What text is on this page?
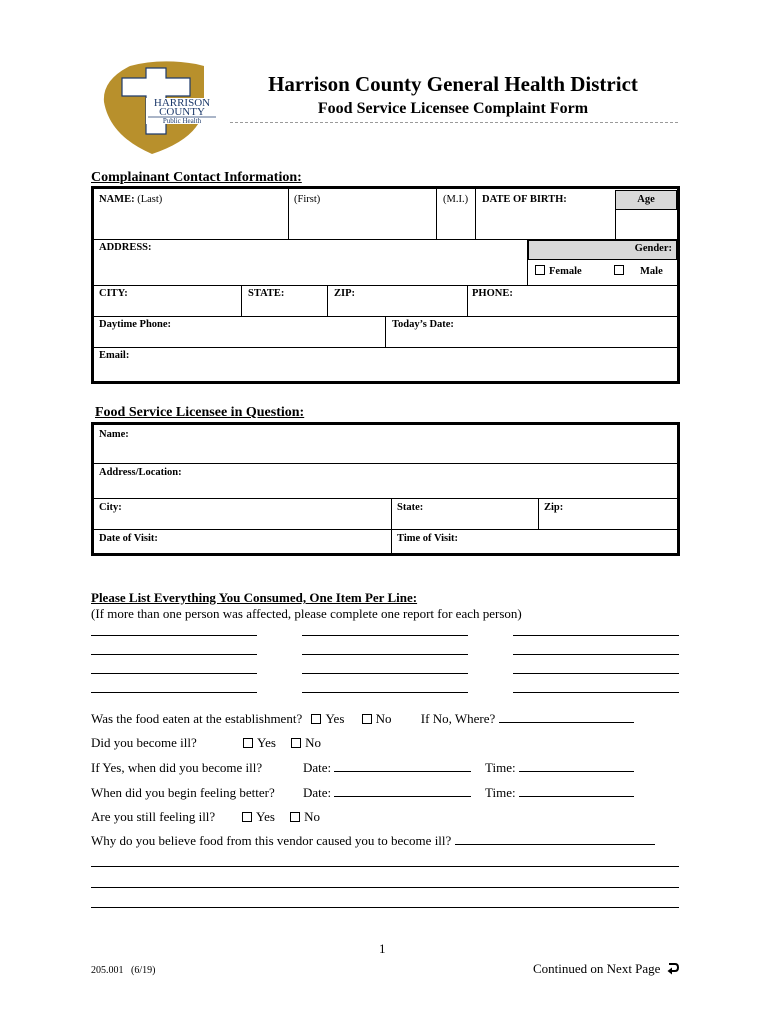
HARRISON
COUNTY
Public Health
Harrison County General Health District
Food Service Licensee Complaint Form
Complainant Contact Information:
NAME: (Last)	(First)	(M.I.) DATE OF BIRTH:	Age
ADDRESS:	Gender:
Female	Male
CITY:	STATE:	ZIP:	PHONE:
Daytime Phone:	Today’s Date:
Email:
Food Service Licensee in Question:
Name:
Address/Location:
City:	State:	Zip:
Date of Visit:	Time of Visit:
Please List Everything You Consumed, One Item Per Line:
(If more than one person was affected, please complete one report for each person)
Was the food eaten at the establishment? Yes No If No, Where?
Did you become ill?	Yes No
If Yes, when did you become ill?	Date:	Time:
When did you begin feeling better? Date:	Time:
Are you still feeling ill?	Yes No
Why do you believe food from this vendor caused you to become ill?
1
205.001 (6/19)	Continued on Next Page
